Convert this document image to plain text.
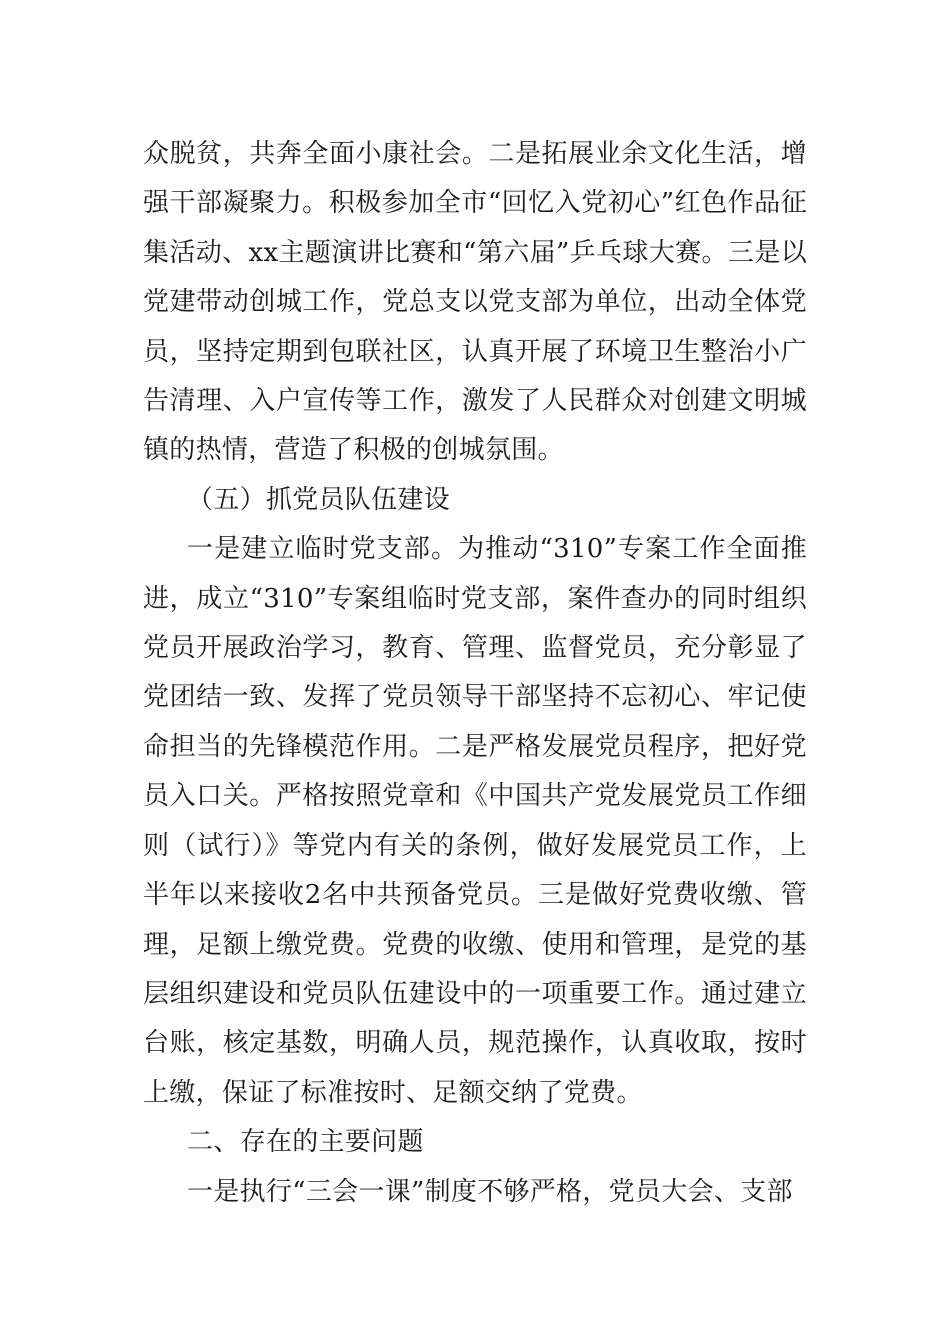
众脱贫，共奔全面小康社会。二是拓展业余文化生活，增强干部凝聚力。积极参加全市“回忆入党初心”红色作品征集活动、xx主题演讲比赛和“第六届”乒乓球大赛。三是以党建带动创城工作，党总支以党支部为单位，出动全体党员，坚持定期到包联社区，认真开展了环境卫生整治小广告清理、入户宣传等工作，激发了人民群众对创建文明城镇的热情，营造了积极的创城氛围。

（五）抓党员队伍建设

一是建立临时党支部。为推动“310”专案工作全面推进，成立“310”专案组临时党支部，案件查办的同时组织党员开展政治学习，教育、管理、监督党员，充分彰显了党团结一致、发挥了党员领导干部坚持不忘初心、牢记使命担当的先锋模范作用。二是严格发展党员程序，把好党员入口关。严格按照党章和《中国共产党发展党员工作细则（试行）》等党内有关的条例，做好发展党员工作，上半年以来接收2名中共预备党员。三是做好党费收缴、管理，足额上缴党费。党费的收缴、使用和管理，是党的基层组织建设和党员队伍建设中的一项重要工作。通过建立台账，核定基数，明确人员，规范操作，认真收取，按时上缴，保证了标准按时、足额交纳了党费。

二、存在的主要问题

一是执行“三会一课”制度不够严格，党员大会、支部
